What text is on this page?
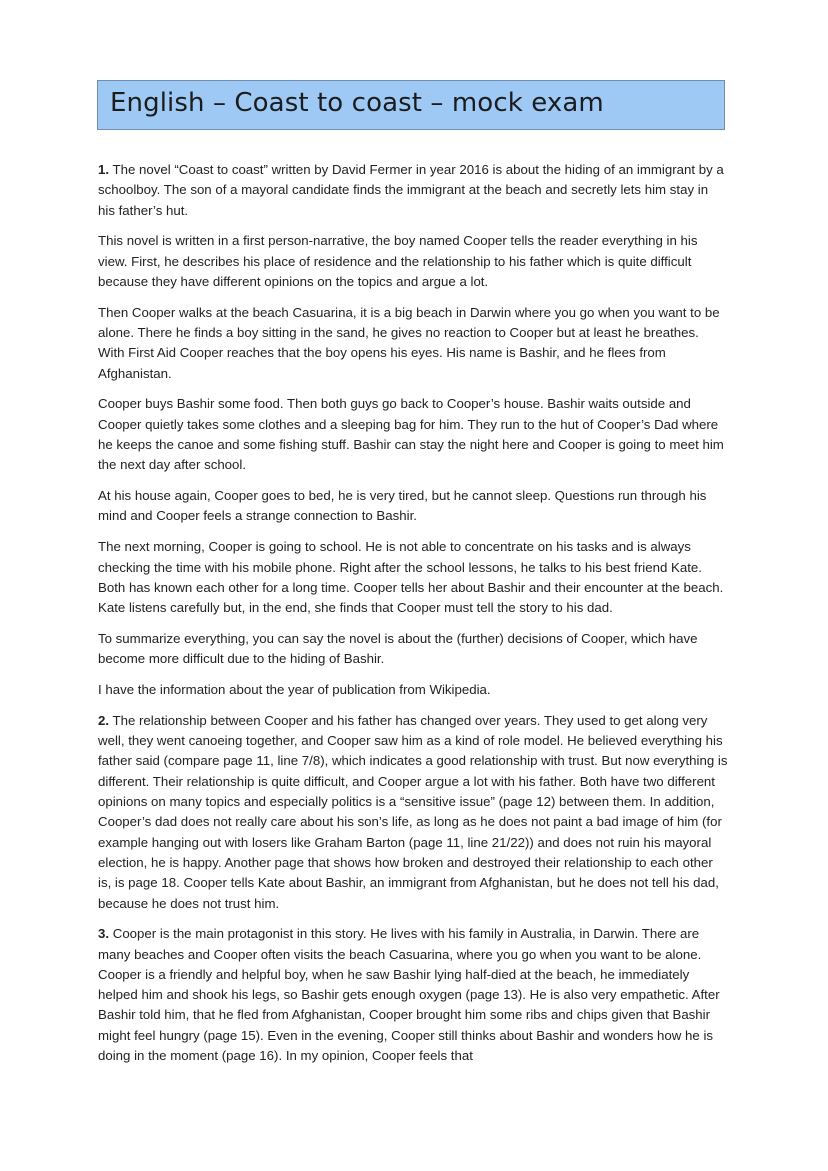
English – Coast to coast – mock exam

1. The novel “Coast to coast” written by David Fermer in year 2016 is about the hiding of an immigrant by a schoolboy. The son of a mayoral candidate finds the immigrant at the beach and secretly lets him stay in his father’s hut.

This novel is written in a first person-narrative, the boy named Cooper tells the reader everything in his view. First, he describes his place of residence and the relationship to his father which is quite difficult because they have different opinions on the topics and argue a lot.

Then Cooper walks at the beach Casuarina, it is a big beach in Darwin where you go when you want to be alone. There he finds a boy sitting in the sand, he gives no reaction to Cooper but at least he breathes. With First Aid Cooper reaches that the boy opens his eyes. His name is Bashir, and he flees from Afghanistan.

Cooper buys Bashir some food. Then both guys go back to Cooper’s house. Bashir waits outside and Cooper quietly takes some clothes and a sleeping bag for him. They run to the hut of Cooper’s Dad where he keeps the canoe and some fishing stuff. Bashir can stay the night here and Cooper is going to meet him the next day after school.

At his house again, Cooper goes to bed, he is very tired, but he cannot sleep. Questions run through his mind and Cooper feels a strange connection to Bashir.

The next morning, Cooper is going to school. He is not able to concentrate on his tasks and is always checking the time with his mobile phone. Right after the school lessons, he talks to his best friend Kate. Both has known each other for a long time. Cooper tells her about Bashir and their encounter at the beach. Kate listens carefully but, in the end, she finds that Cooper must tell the story to his dad.

To summarize everything, you can say the novel is about the (further) decisions of Cooper, which have become more difficult due to the hiding of Bashir.

I have the information about the year of publication from Wikipedia.

2. The relationship between Cooper and his father has changed over years. They used to get along very well, they went canoeing together, and Cooper saw him as a kind of role model. He believed everything his father said (compare page 11, line 7/8), which indicates a good relationship with trust. But now everything is different. Their relationship is quite difficult, and Cooper argue a lot with his father. Both have two different opinions on many topics and especially politics is a “sensitive issue” (page 12) between them. In addition, Cooper’s dad does not really care about his son’s life, as long as he does not paint a bad image of him (for example hanging out with losers like Graham Barton (page 11, line 21/22)) and does not ruin his mayoral election, he is happy. Another page that shows how broken and destroyed their relationship to each other is, is page 18. Cooper tells Kate about Bashir, an immigrant from Afghanistan, but he does not tell his dad, because he does not trust him.

3. Cooper is the main protagonist in this story. He lives with his family in Australia, in Darwin. There are many beaches and Cooper often visits the beach Casuarina, where you go when you want to be alone. Cooper is a friendly and helpful boy, when he saw Bashir lying half-died at the beach, he immediately helped him and shook his legs, so Bashir gets enough oxygen (page 13). He is also very empathetic. After Bashir told him, that he fled from Afghanistan, Cooper brought him some ribs and chips given that Bashir might feel hungry (page 15). Even in the evening, Cooper still thinks about Bashir and wonders how he is doing in the moment (page 16). In my opinion, Cooper feels that
